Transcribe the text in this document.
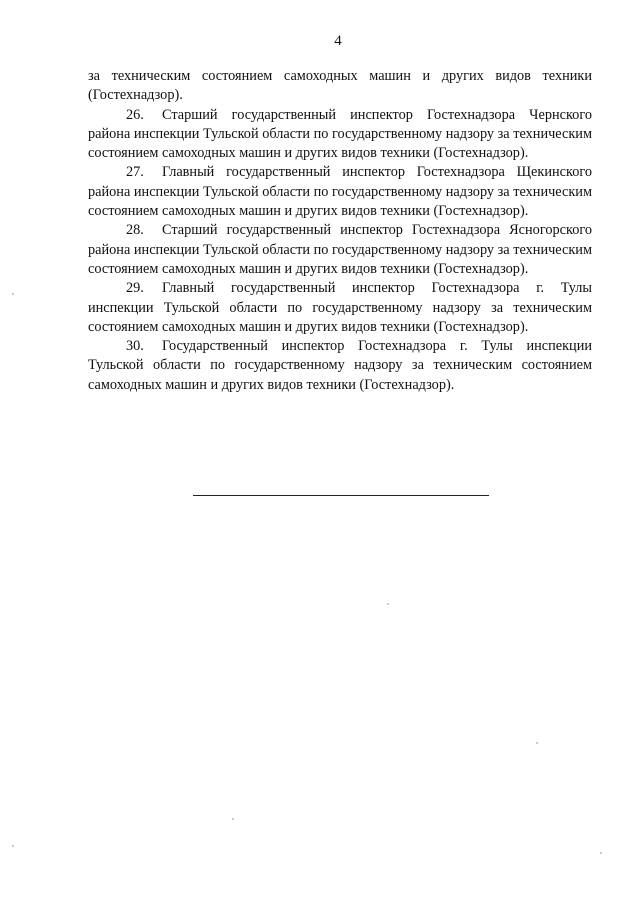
4

за техническим состоянием самоходных машин и других видов техники (Гостехнадзор).

26. Старший государственный инспектор Гостехнадзора Чернского района инспекции Тульской области по государственному надзору за техническим состоянием самоходных машин и других видов техники (Гостехнадзор).

27. Главный государственный инспектор Гостехнадзора Щекинского района инспекции Тульской области по государственному надзору за техническим состоянием самоходных машин и других видов техники (Гостехнадзор).

28. Старший государственный инспектор Гостехнадзора Ясногорского района инспекции Тульской области по государственному надзору за техническим состоянием самоходных машин и других видов техники (Гостехнадзор).

29. Главный государственный инспектор Гостехнадзора г. Тулы инспекции Тульской области по государственному надзору за техническим состоянием самоходных машин и других видов техники (Гостехнадзор).

30. Государственный инспектор Гостехнадзора г. Тулы инспекции Тульской области по государственному надзору за техническим состоянием самоходных машин и других видов техники (Гостехнадзор).
